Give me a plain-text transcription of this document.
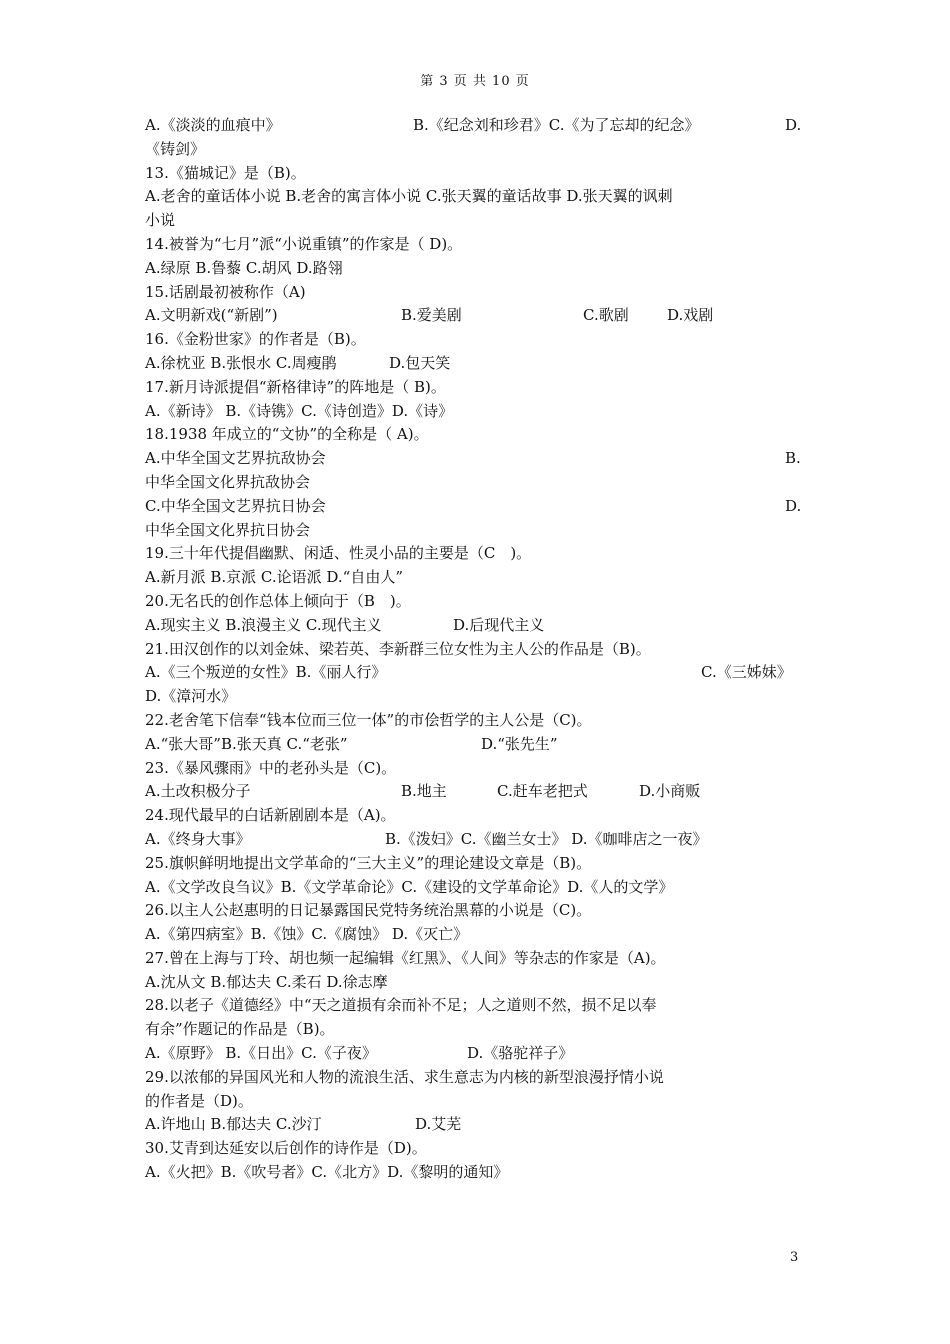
第 3 页 共 10 页
A.《淡淡的血痕中》	B.《纪念刘和珍君》C.《为了忘却的纪念》	D.
《铸剑》
13.《猫城记》是（B)。
A.老舍的童话体小说 B.老舍的寓言体小说 C.张天翼的童话故事 D.张天翼的讽刺
小说
14.被誉为“七月”派“小说重镇”的作家是（ D)。
A.绿原 B.鲁藜 C.胡风 D.路翎
15.话剧最初被称作（A)
A.文明新戏(“新剧”)	B.爱美剧	C.歌剧	D.戏剧
16.《金粉世家》的作者是（B)。
A.徐枕亚 B.张恨水 C.周瘦鹃	D.包天笑
17.新月诗派提倡“新格律诗”的阵地是（ B)。
A.《新诗》 B.《诗镌》C.《诗创造》D.《诗》
18.1938 年成立的“文协”的全称是（ A)。
A.中华全国文艺界抗敌协会	B.
中华全国文化界抗敌协会
C.中华全国文艺界抗日协会	D.
中华全国文化界抗日协会
19.三十年代提倡幽默、闲适、性灵小品的主要是（C　)。
A.新月派 B.京派 C.论语派 D.“自由人”
20.无名氏的创作总体上倾向于（B　)。
A.现实主义 B.浪漫主义 C.现代主义	D.后现代主义
21.田汉创作的以刘金妹、梁若英、李新群三位女性为主人公的作品是（B)。
A.《三个叛逆的女性》B.《丽人行》	C.《三姊妹》
D.《漳河水》
22.老舍笔下信奉“钱本位而三位一体”的市侩哲学的主人公是（C)。
A.“张大哥”B.张天真 C.“老张”	D.“张先生”
23.《暴风骤雨》中的老孙头是（C)。
A.土改积极分子	B.地主	C.赶车老把式	D.小商贩
24.现代最早的白话新剧剧本是（A)。
A.《终身大事》	B.《泼妇》C.《幽兰女士》 D.《咖啡店之一夜》
25.旗帜鲜明地提出文学革命的“三大主义”的理论建设文章是（B)。
A.《文学改良刍议》B.《文学革命论》C.《建设的文学革命论》D.《人的文学》
26.以主人公赵惠明的日记暴露国民党特务统治黑幕的小说是（C)。
A.《第四病室》B.《蚀》C.《腐蚀》 D.《灭亡》
27.曾在上海与丁玲、胡也频一起编辑《红黑》、《人间》等杂志的作家是（A)。
A.沈从文 B.郁达夫 C.柔石 D.徐志摩
28.以老子《道德经》中“天之道损有余而补不足；人之道则不然，损不足以奉
有余”作题记的作品是（B)。
A.《原野》 B.《日出》C.《子夜》	D.《骆驼祥子》
29.以浓郁的异国风光和人物的流浪生活、求生意志为内核的新型浪漫抒情小说
的作者是（D)。
A.许地山 B.郁达夫 C.沙汀	D.艾芜
30.艾青到达延安以后创作的诗作是（D)。
A.《火把》B.《吹号者》C.《北方》D.《黎明的通知》
3
